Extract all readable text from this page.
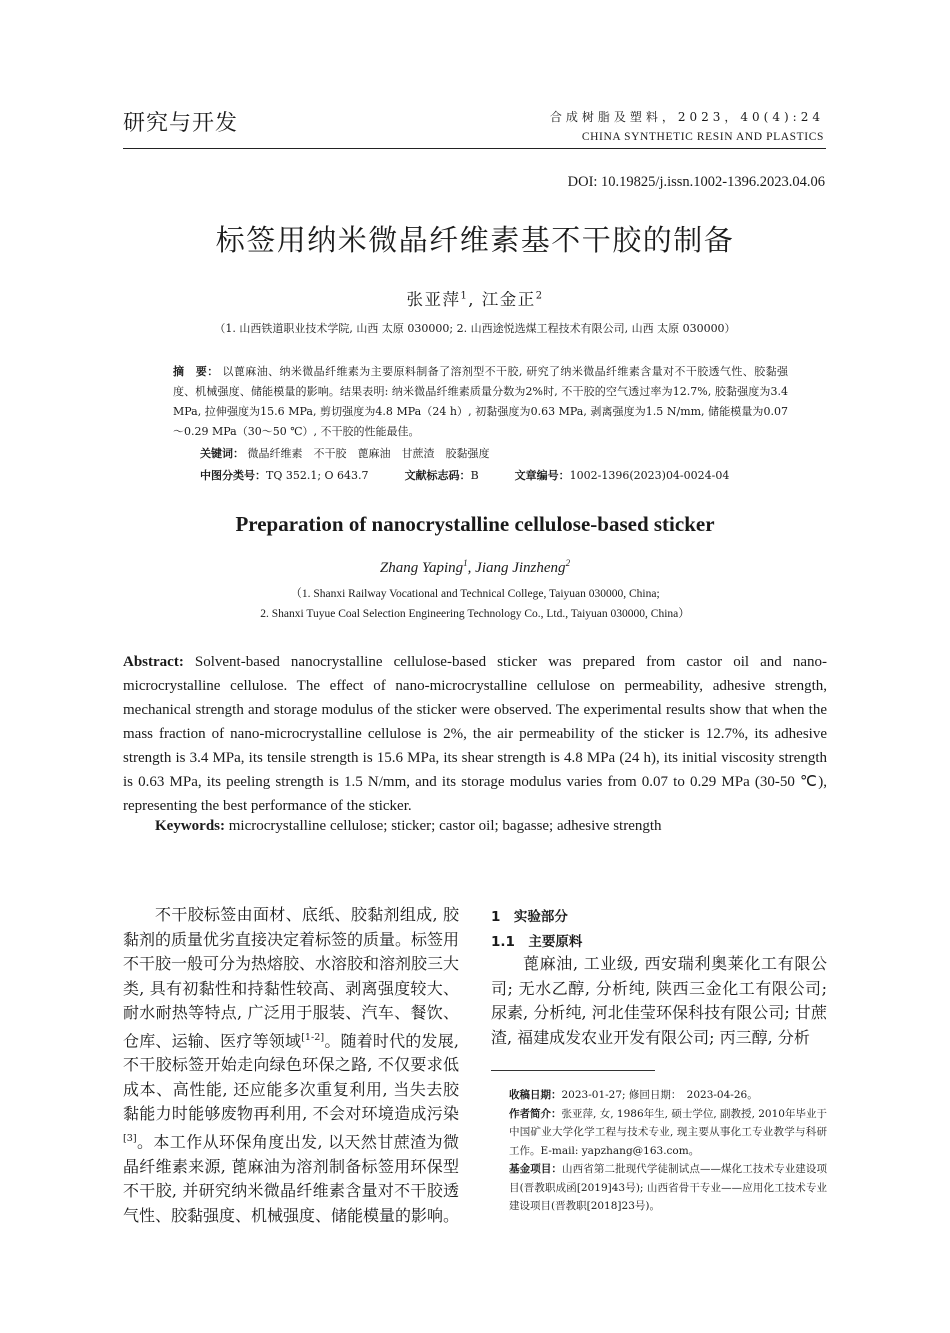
研究与开发	合成树脂及塑料，2023，40(4):24
CHINA SYNTHETIC RESIN AND PLASTICS
DOI: 10.19825/j.issn.1002-1396.2023.04.06
标签用纳米微晶纤维素基不干胶的制备
张亚萍$^1$, 江金正$^2$
（1. 山西铁道职业技术学院, 山西 太原 030000; 2. 山西途悦选煤工程技术有限公司, 山西 太原 030000）
摘　要： 以蓖麻油、纳米微晶纤维素为主要原料制备了溶剂型不干胶, 研究了纳米微晶纤维素含量对不干胶透气性、胶黏强度、机械强度、储能模量的影响。结果表明: 纳米微晶纤维素质量分数为2%时, 不干胶的空气透过率为12.7%, 胶黏强度为3.4 MPa, 拉伸强度为15.6 MPa, 剪切强度为4.8 MPa（24 h）, 初黏强度为0.63 MPa, 剥离强度为1.5 N/mm, 储能模量为0.07～0.29 MPa（30～50 ℃）, 不干胶的性能最佳。
关键词： 微晶纤维素　不干胶　蓖麻油　甘蔗渣　胶黏强度
中图分类号：TQ 352.1; O 643.7	文献标志码：B	文章编号：1002-1396(2023)04-0024-04
Preparation of nanocrystalline cellulose-based sticker
Zhang Yaping$^1$, Jiang Jinzheng$^2$
（1. Shanxi Railway Vocational and Technical College, Taiyuan 030000, China;
2. Shanxi Tuyue Coal Selection Engineering Technology Co., Ltd., Taiyuan 030000, China）
Abstract: Solvent-based nanocrystalline cellulose-based sticker was prepared from castor oil and nano-microcrystalline cellulose. The effect of nano-microcrystalline cellulose on permeability, adhesive strength, mechanical strength and storage modulus of the sticker were observed. The experimental results show that when the mass fraction of nano-microcrystalline cellulose is 2%, the air permeability of the sticker is 12.7%, its adhesive strength is 3.4 MPa, its tensile strength is 15.6 MPa, its shear strength is 4.8 MPa (24 h), its initial viscosity strength is 0.63 MPa, its peeling strength is 1.5 N/mm, and its storage modulus varies from 0.07 to 0.29 MPa (30-50 ℃), representing the best performance of the sticker.
Keywords: microcrystalline cellulose; sticker; castor oil; bagasse; adhesive strength
不干胶标签由面材、底纸、胶黏剂组成, 胶黏剂的质量优劣直接决定着标签的质量。标签用不干胶一般可分为热熔胶、水溶胶和溶剂胶三大类, 具有初黏性和持黏性较高、剥离强度较大、耐水耐热等特点, 广泛用于服装、汽车、餐饮、仓库、运输、医疗等领域[1-2]。随着时代的发展, 不干胶标签开始走向绿色环保之路, 不仅要求低成本、高性能, 还应能多次重复利用, 当失去胶黏能力时能够废物再利用, 不会对环境造成污染[3]。本工作从环保角度出发, 以天然甘蔗渣为微晶纤维素来源, 蓖麻油为溶剂制备标签用环保型不干胶, 并研究纳米微晶纤维素含量对不干胶透气性、胶黏强度、机械强度、储能模量的影响。
1　实验部分
1.1　主要原料
蓖麻油, 工业级, 西安瑞利奥莱化工有限公司; 无水乙醇, 分析纯, 陕西三金化工有限公司; 尿素, 分析纯, 河北佳莹环保科技有限公司; 甘蔗渣, 福建成发农业开发有限公司; 丙三醇, 分析
收稿日期：2023-01-27; 修回日期：　2023-04-26。
作者简介：张亚萍, 女, 1986年生, 硕士学位, 副教授, 2010年毕业于中国矿业大学化学工程与技术专业, 现主要从事化工专业教学与科研工作。E-mail: yapzhang@163.com。
基金项目：山西省第二批现代学徒制试点——煤化工技术专业建设项目(晋教职成函[2019]43号); 山西省骨干专业——应用化工技术专业建设项目(晋教职[2018]23号)。
